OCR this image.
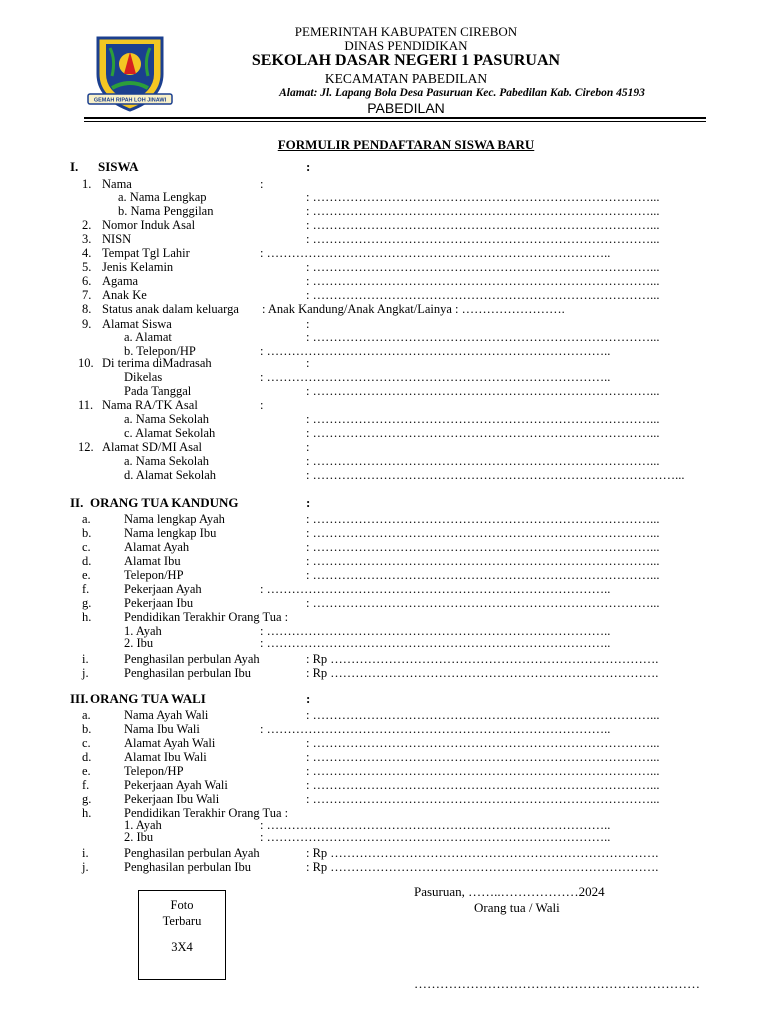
GEMAH RIPAH LOH JINAWI
PEMERINTAH KABUPATEN CIREBON
DINAS PENDIDIKAN
SEKOLAH DASAR NEGERI 1 PASURUAN
KECAMATAN PABEDILAN
Alamat: Jl. Lapang Bola Desa Pasuruan Kec. Pabedilan Kab. Cirebon 45193
PABEDILAN
FORMULIR PENDAFTARAN SISWA BARU
I. SISWA	:
1. Nama	:
a. Nama Lengkap	: ………………………………………………………………………...
b. Nama Penggilan	: ………………………………………………………………………...
2. Nomor Induk Asal	: ………………………………………………………………………...
3. NISN	: ………………………………………………………………………...
4. Tempat Tgl Lahir	: ………………………………………………………………………..
5. Jenis Kelamin	: ………………………………………………………………………...
6. Agama	: ………………………………………………………………………...
7. Anak Ke	: ………………………………………………………………………...
8. Status anak dalam keluarga : Anak Kandung/Anak Angkat/Lainya : …………………….
9. Alamat Siswa	:
a. Alamat	: ………………………………………………………………………...
b. Telepon/HP	: ………………………………………………………………………..
10. Di terima diMadrasah	:
Dikelas	: ………………………………………………………………………..
Pada Tanggal	: ………………………………………………………………………...
11. Nama RA/TK Asal	:
a. Nama Sekolah	: ………………………………………………………………………...
c. Alamat Sekolah	: ………………………………………………………………………...
12. Alamat SD/MI Asal	:
a. Nama Sekolah	: ………………………………………………………………………...
d. Alamat Sekolah	: ……………………………………………………………………………...
II. ORANG TUA KANDUNG	:
a.	Nama lengkap Ayah	: ………………………………………………………………………...
b.	Nama lengkap Ibu	: ………………………………………………………………………...
c.	Alamat Ayah	: ………………………………………………………………………...
d.	Alamat Ibu	: ………………………………………………………………………...
e.	Telepon/HP	: ………………………………………………………………………...
f.	Pekerjaan Ayah	: ………………………………………………………………………..
g.	Pekerjaan Ibu	: ………………………………………………………………………...
h.	Pendidikan Terakhir Orang Tua :
1. Ayah	: ………………………………………………………………………..
2. Ibu	: ………………………………………………………………………..
i.	Penghasilan perbulan Ayah	: Rp …………………………………………………………………….
j.	Penghasilan perbulan Ibu	: Rp …………………………………………………………………….
III. ORANG TUA WALI	:
a.	Nama Ayah Wali	: ………………………………………………………………………...
b.	Nama Ibu Wali	: ………………………………………………………………………..
c.	Alamat Ayah Wali	: ………………………………………………………………………...
d.	Alamat Ibu Wali	: ………………………………………………………………………...
e.	Telepon/HP	: ………………………………………………………………………...
f.	Pekerjaan Ayah Wali	: ………………………………………………………………………...
g.	Pekerjaan Ibu Wali	: ………………………………………………………………………...
h.	Pendidikan Terakhir Orang Tua :
1. Ayah	: ………………………………………………………………………..
2. Ibu	: ………………………………………………………………………..
i.	Penghasilan perbulan Ayah	: Rp …………………………………………………………………….
j.	Penghasilan perbulan Ibu	: Rp …………………………………………………………………….
Foto
Terbaru
3X4
Pasuruan, ……..………………2024
Orang tua / Wali
…………………………………………………………
